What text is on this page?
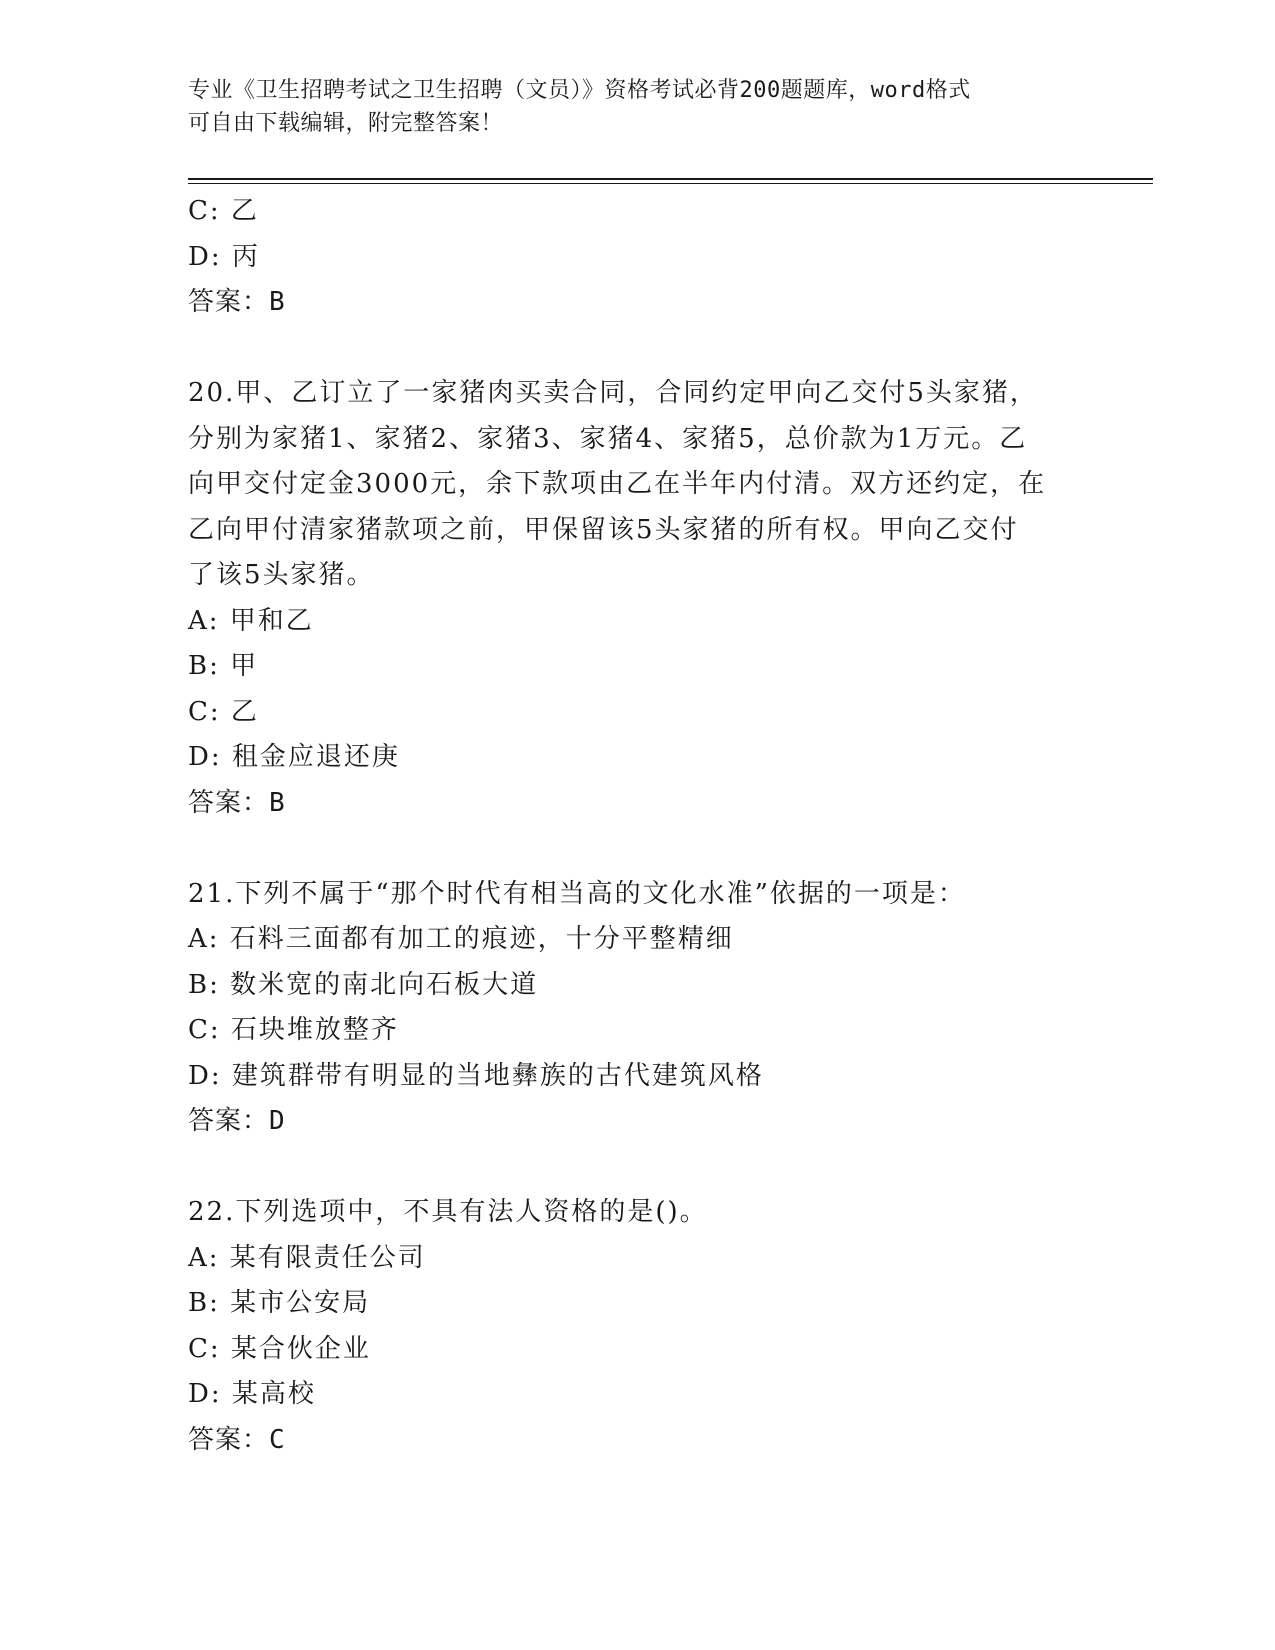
专业《卫生招聘考试之卫生招聘（文员）》资格考试必背200题题库，word格式
可自由下载编辑，附完整答案！
C: 乙
D: 丙
答案：B
20.甲、乙订立了一家猪肉买卖合同，合同约定甲向乙交付5头家猪，
分别为家猪1、家猪2、家猪3、家猪4、家猪5，总价款为1万元。乙
向甲交付定金3000元，余下款项由乙在半年内付清。双方还约定，在
乙向甲付清家猪款项之前，甲保留该5头家猪的所有权。甲向乙交付
了该5头家猪。
A: 甲和乙
B: 甲
C: 乙
D: 租金应退还庚
答案：B
21.下列不属于“那个时代有相当高的文化水准”依据的一项是：
A: 石料三面都有加工的痕迹，十分平整精细
B: 数米宽的南北向石板大道
C: 石块堆放整齐
D: 建筑群带有明显的当地彝族的古代建筑风格
答案：D
22.下列选项中，不具有法人资格的是()。
A: 某有限责任公司
B: 某市公安局
C: 某合伙企业
D: 某高校
答案：C
